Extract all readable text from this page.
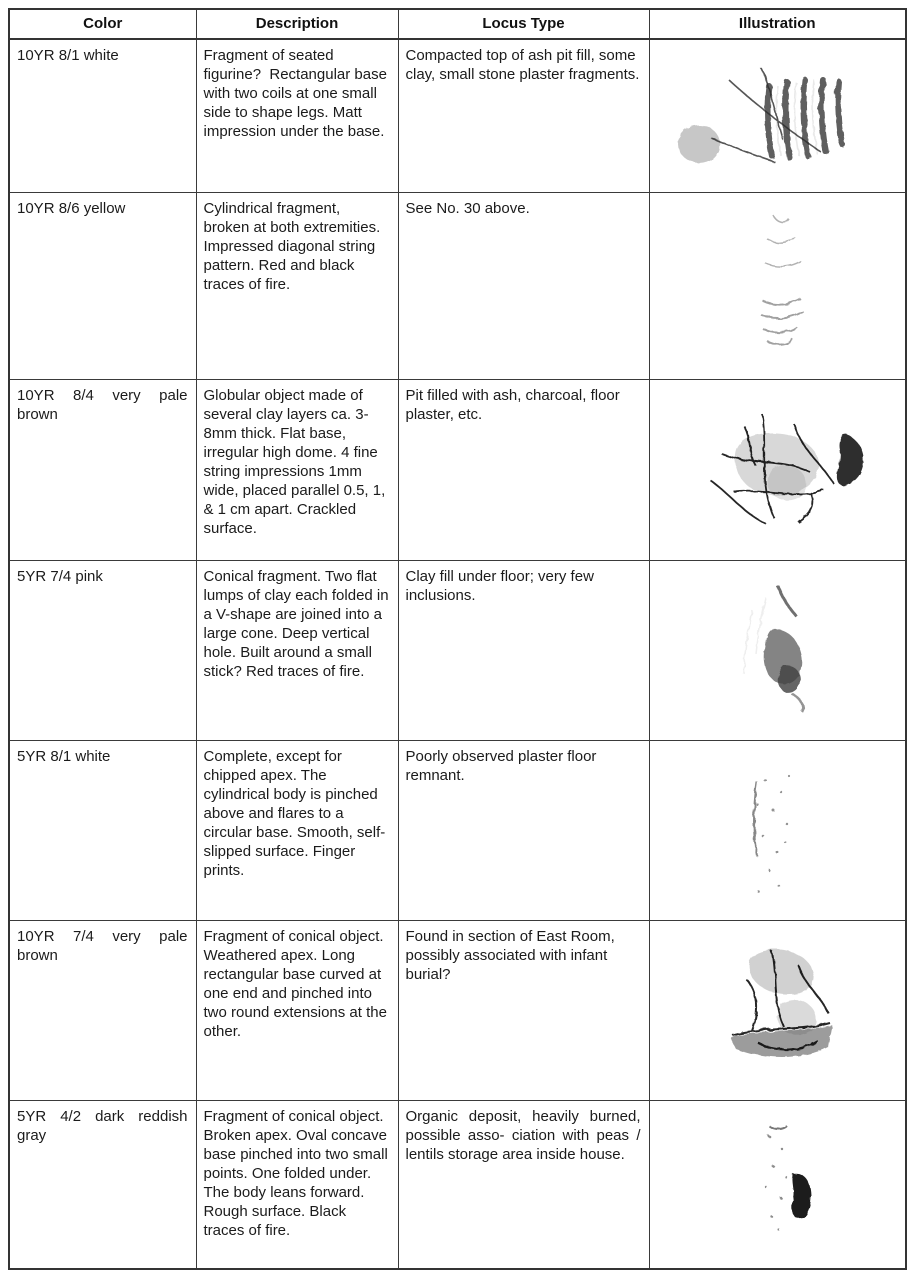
Color	Description	Locus Type	Illustration
10YR 8/1 white	Fragment of seated figurine?  Rectangular base with two coils at one small side to shape legs. Matt impression under the base.	Compacted top of ash pit fill, some clay, small stone plaster fragments.	
10YR 8/6 yellow	Cylindrical fragment, broken at both extremities.  Impressed diagonal string pattern. Red and black traces of fire.	See No. 30 above.	
10YR 8/4 very pale brown	Globular object made of several clay layers ca. 3-8mm thick. Flat base, irregular high dome. 4 fine string impressions 1mm wide, placed parallel 0.5, 1, & 1 cm apart. Crackled surface.	Pit filled with ash, charcoal, floor plaster, etc.	
5YR 7/4 pink	Conical fragment. Two flat lumps of clay each folded in a V-shape are joined into a large cone. Deep vertical hole. Built around a small stick? Red traces of fire.	Clay fill under floor; very few inclusions.	
5YR 8/1 white	Complete, except for chipped apex. The cylindrical body is pinched above and flares to a circular base. Smooth, self-slipped surface. Finger prints.	Poorly observed plaster floor remnant.	
10YR 7/4 very pale brown	Fragment of conical object.  Weathered apex. Long rectangular base curved at one end and pinched into two round extensions at the other.	Found in section of East Room, possibly associated with infant burial?	
5YR 4/2 dark reddish gray	Fragment of conical object. Broken apex. Oval concave base pinched into two small points. One folded under. The body leans forward. Rough surface. Black traces of fire.	Organic deposit, heavily burned, possible asso- ciation with peas / lentils storage area inside house.	
